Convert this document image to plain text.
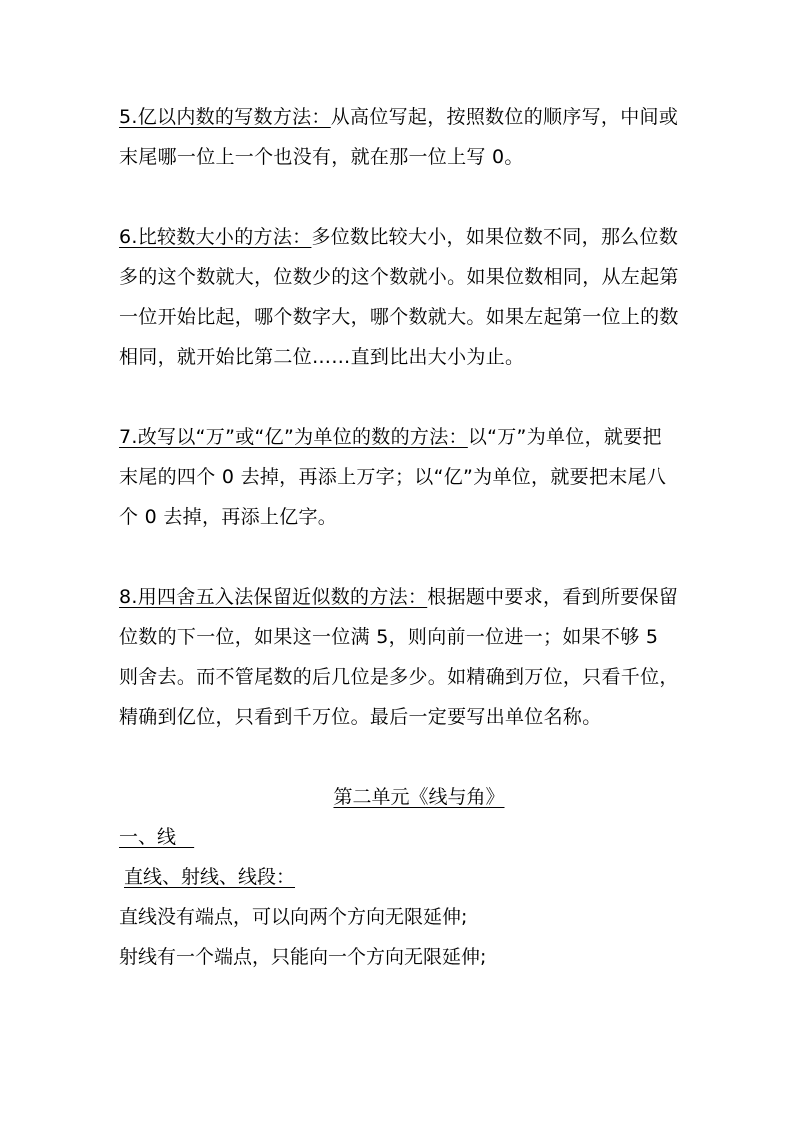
5.亿以内数的写数方法：从高位写起，按照数位的顺序写，中间或末尾哪一位上一个也没有，就在那一位上写 0。

6.比较数大小的方法：多位数比较大小，如果位数不同，那么位数多的这个数就大，位数少的这个数就小。如果位数相同，从左起第一位开始比起，哪个数字大，哪个数就大。如果左起第一位上的数相同，就开始比第二位……直到比出大小为止。

7.改写以“万”或“亿”为单位的数的方法：以“万”为单位，就要把末尾的四个 0 去掉，再添上万字；以“亿”为单位，就要把末尾八个 0 去掉，再添上亿字。

8.用四舍五入法保留近似数的方法：根据题中要求，看到所要保留位数的下一位，如果这一位满 5，则向前一位进一；如果不够 5 则舍去。而不管尾数的后几位是多少。如精确到万位，只看千位，精确到亿位，只看到千万位。最后一定要写出单位名称。

第二单元《线与角》

一、线

直线、射线、线段：

直线没有端点，可以向两个方向无限延伸;

射线有一个端点，只能向一个方向无限延伸;
